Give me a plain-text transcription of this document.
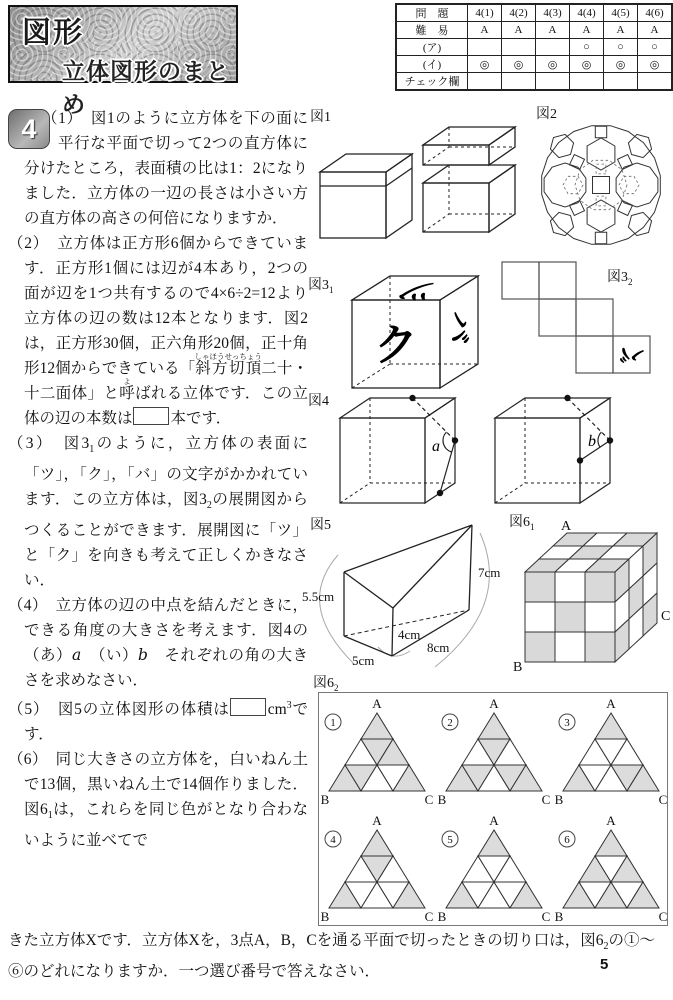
図形
立体図形のまとめ
問　題	4(1)	4(2)	4(3)	4(4)	4(5)	4(6)
難　易	A	A	A	A	A	A
(ア)				○	○	○
(イ)	◎	◎	◎	◎	◎	◎
チェック欄						
4 （1）　図1のように立方体を下の面に平行な平面で切って2つの直方体に分けたところ，表面積の比は1：2になりました．立方体の一辺の長さは小さい方の直方体の高さの何倍になりますか．

（2）　立方体は正方形6個からできています．正方形1個には辺が4本あり，2つの面が辺を1つ共有するので4×6÷2=12より立方体の辺の数は12本となります．図2は，正方形30個，正六角形20個，正十角形12個からできている「斜方切頂しゃほうせっちょう二十・十二面体」と呼よばれる立体です．この立体の辺の本数は 本です．

（3）　図$3_1$のように，立方体の表面に「ツ」，「ク」，「バ」の文字がかかれています．この立方体は，図$3_2$の展開図からつくることができます．展開図に「ツ」と「ク」を向きも考えて正しくかきなさい．

（4）　立方体の辺の中点を結んだときに，できる角度の大きさを考えます．図4の（あ）a　（い）b　それぞれの角の大きさを求めなさい．

（5）　図5の立体図形の体積は $cm^3$です．

（6）　同じ大きさの立方体を，白いねん土で13個，黒いねん土で14個作りました．図$6_1$は，これらを同じ色がとなり合わないように並べてで

図1	図2
図$3_1$
図$3_2$
図4
図5	図$6_1$
図$6_2$
ク
ツ
バ
バ
a	b
5.5cm
7cm
4cm
5cm
8cm
A
B
C
1
A
B	C
2
A
B	C
3
A
B	C
4
A
B	C
5
A
B	C
6
A
B	C
きた立方体Xです．立方体Xを，3点A，B，Cを通る平面で切ったときの切り口は，図$6_2$の①～⑥のどれになりますか．一つ選び番号で答えなさい．	5
